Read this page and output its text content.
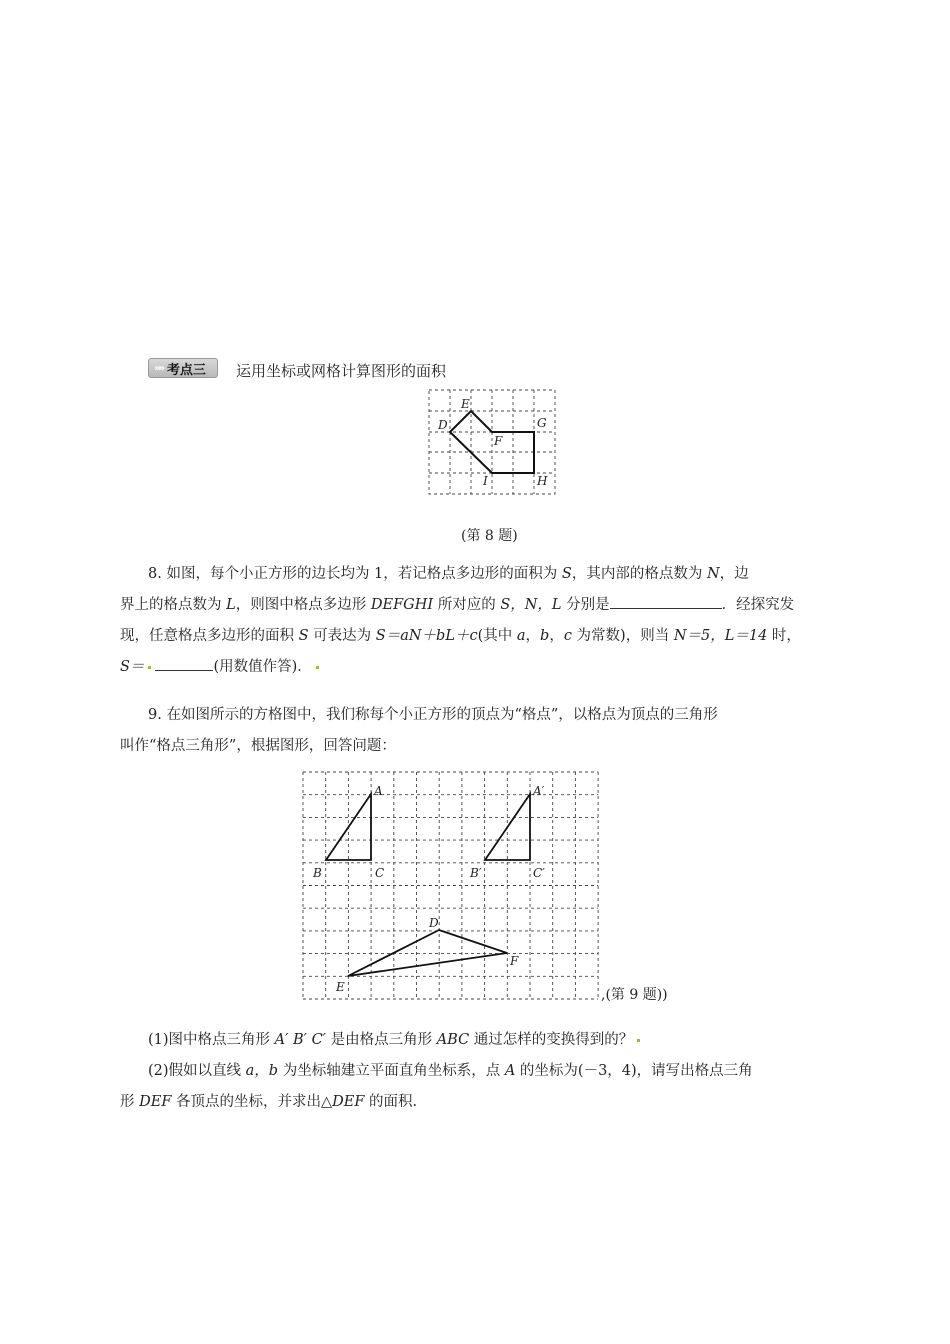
»» 考点三 运用坐标或网格计算图形的面积
E
D
F
G
I	H
(第 8 题)
8. 如图，每个小正方形的边长均为 1，若记格点多边形的面积为 S，其内部的格点数为 N，边
界上的格点数为 L，则图中格点多边形 DEFGHI 所对应的 S，N，L 分别是	．经探究发
现，任意格点多边形的面积 S 可表达为 S＝aN＋bL＋c(其中 a，b，c 为常数)，则当 N＝5，L＝14 时，
S＝	(用数值作答)．
9. 在如图所示的方格图中，我们称每个小正方形的顶点为“格点”，以格点为顶点的三角形
叫作“格点三角形”，根据图形，回答问题：
A
B	C
A′
B′	C′
D
E
F
,(第 9 题))
(1)图中格点三角形 A′ B′ C′ 是由格点三角形 ABC 通过怎样的变换得到的？
(2)假如以直线 a，b 为坐标轴建立平面直角坐标系，点 A 的坐标为(－3，4)，请写出格点三角
形 DEF 各顶点的坐标，并求出△DEF 的面积.
